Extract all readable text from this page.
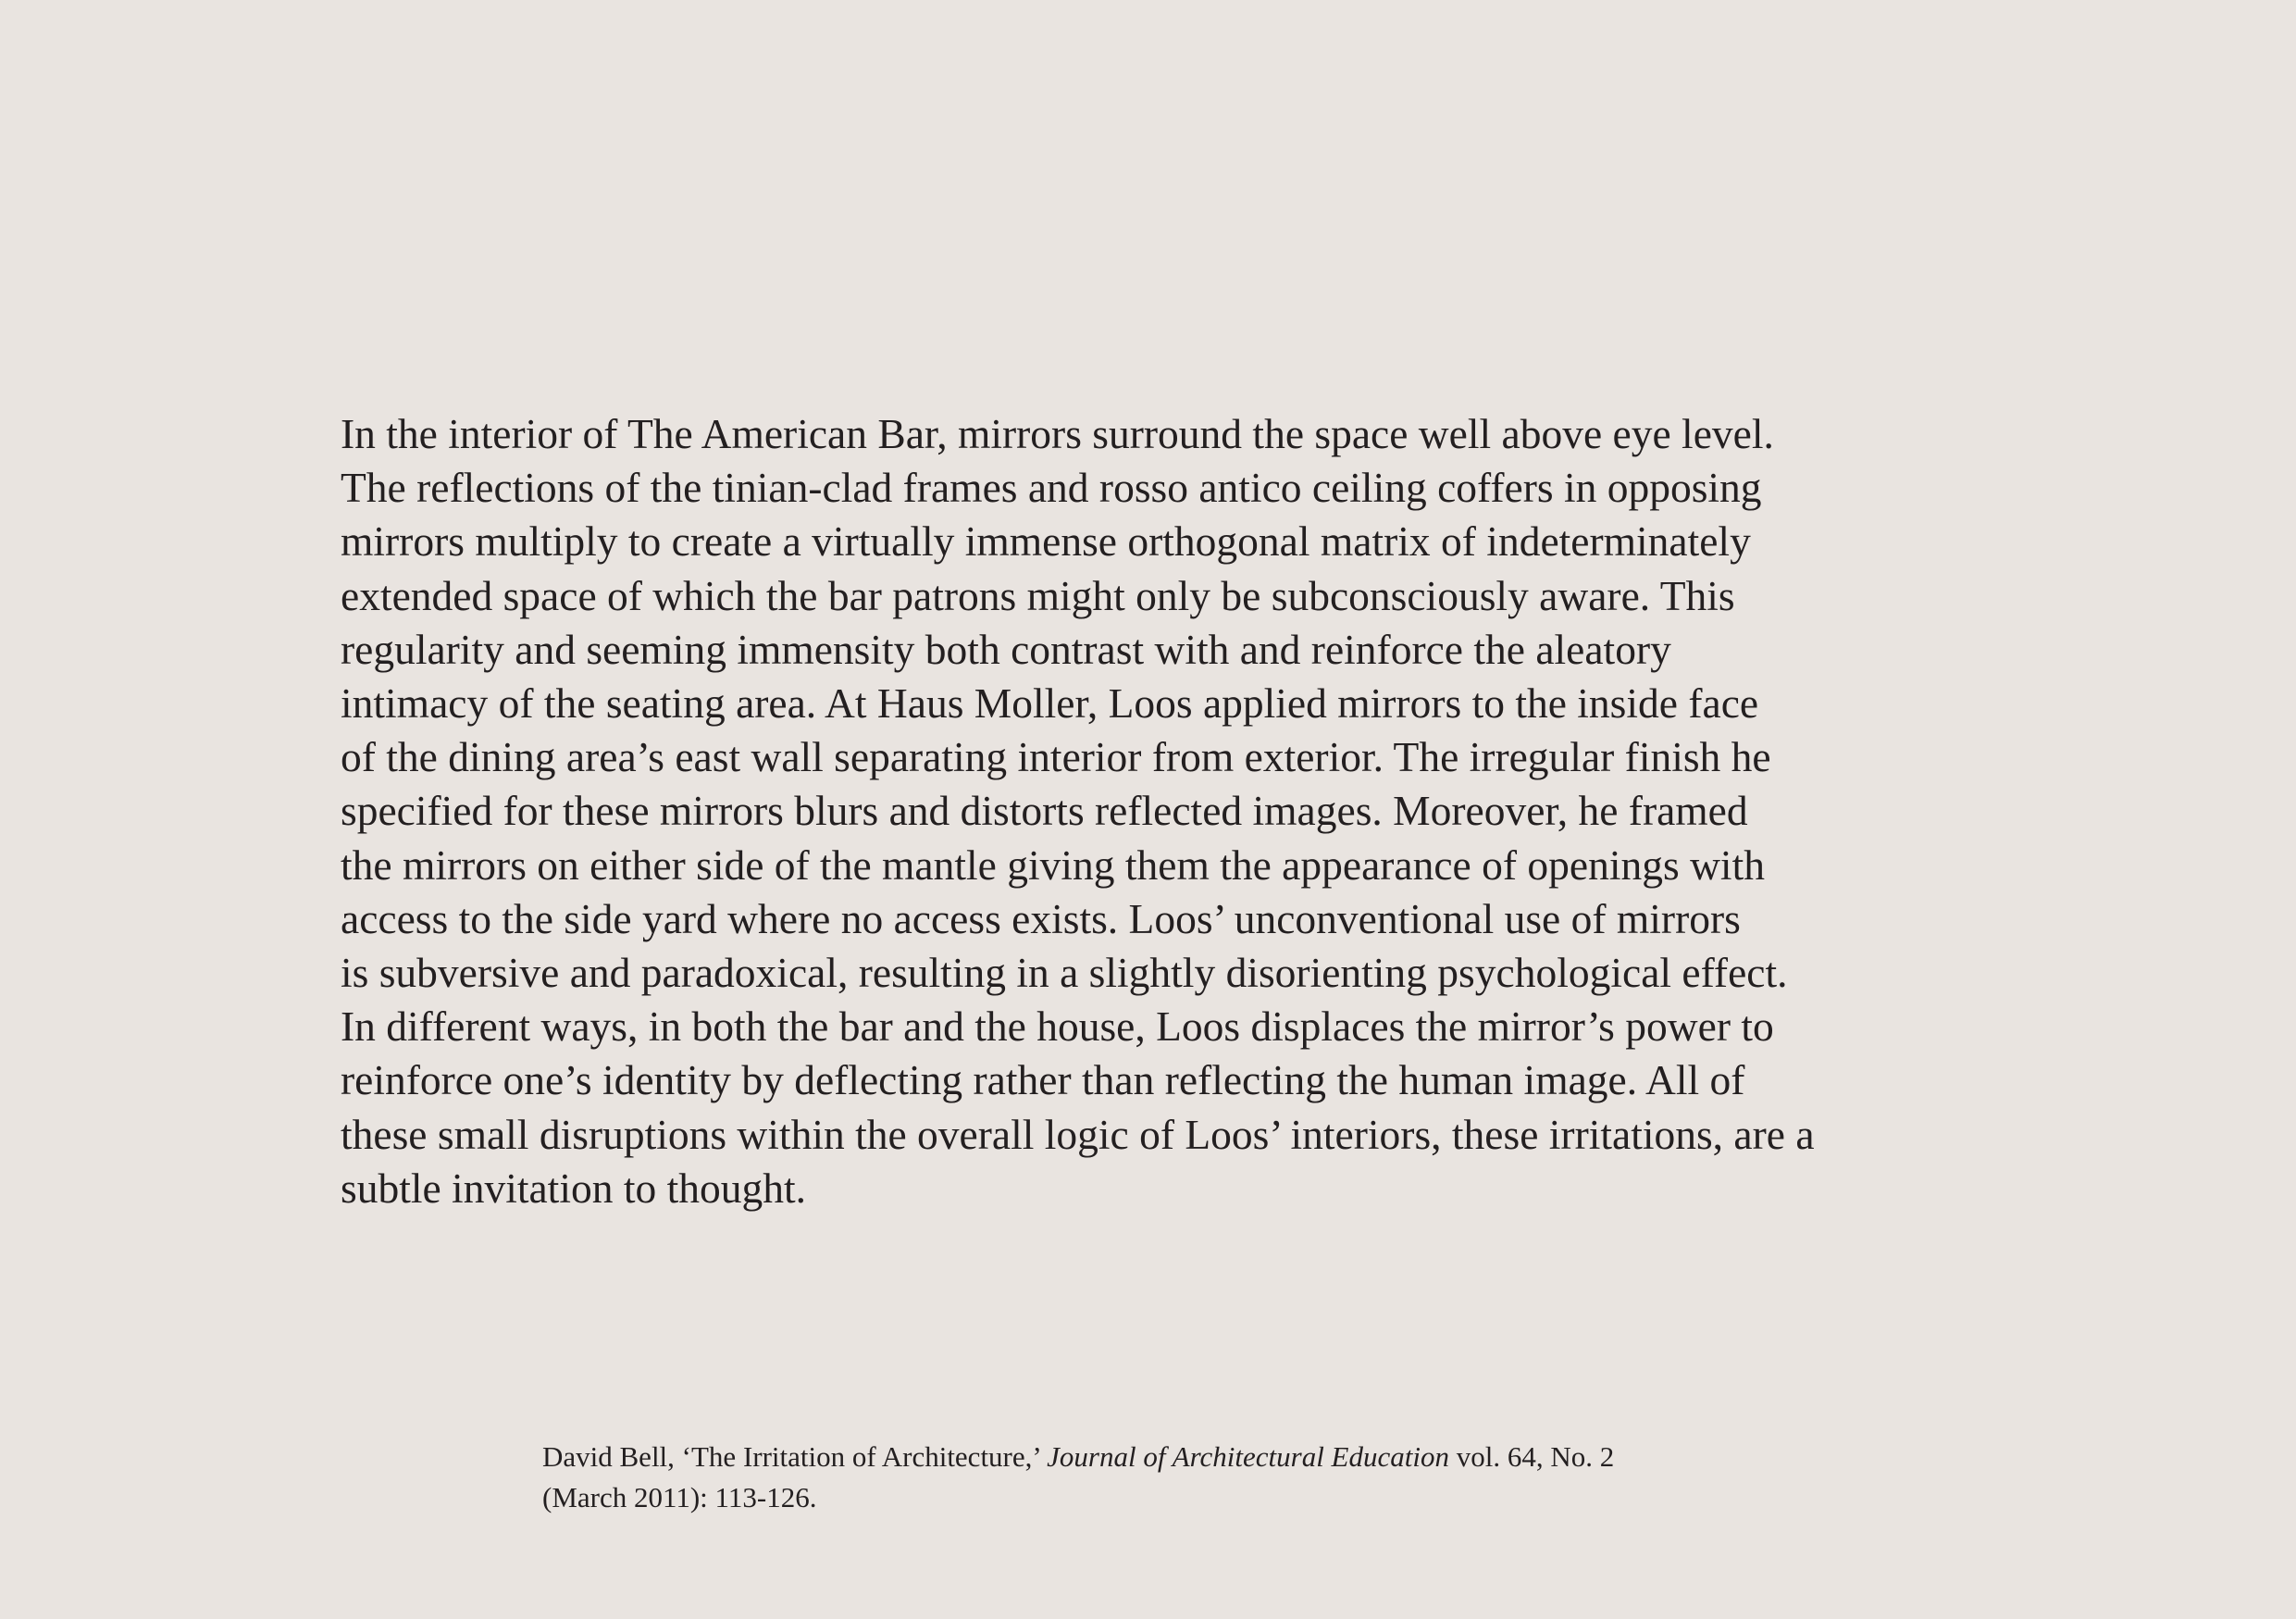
In the interior of The American Bar, mirrors surround the space well above eye level.
The reflections of the tinian-clad frames and rosso antico ceiling coffers in opposing
mirrors multiply to create a virtually immense orthogonal matrix of indeterminately
extended space of which the bar patrons might only be subconsciously aware. This
regularity and seeming immensity both contrast with and reinforce the aleatory
intimacy of the seating area. At Haus Moller, Loos applied mirrors to the inside face
of the dining area’s east wall separating interior from exterior. The irregular finish he
specified for these mirrors blurs and distorts reflected images. Moreover, he framed
the mirrors on either side of the mantle giving them the appearance of openings with
access to the side yard where no access exists. Loos’ unconventional use of mirrors
is subversive and paradoxical, resulting in a slightly disorienting psychological effect.
In different ways, in both the bar and the house, Loos displaces the mirror’s power to
reinforce one’s identity by deflecting rather than reflecting the human image. All of
these small disruptions within the overall logic of Loos’ interiors, these irritations, are a
subtle invitation to thought.

David Bell, ‘The Irritation of Architecture,’ Journal of Architectural Education vol. 64, No. 2
(March 2011): 113-126.
